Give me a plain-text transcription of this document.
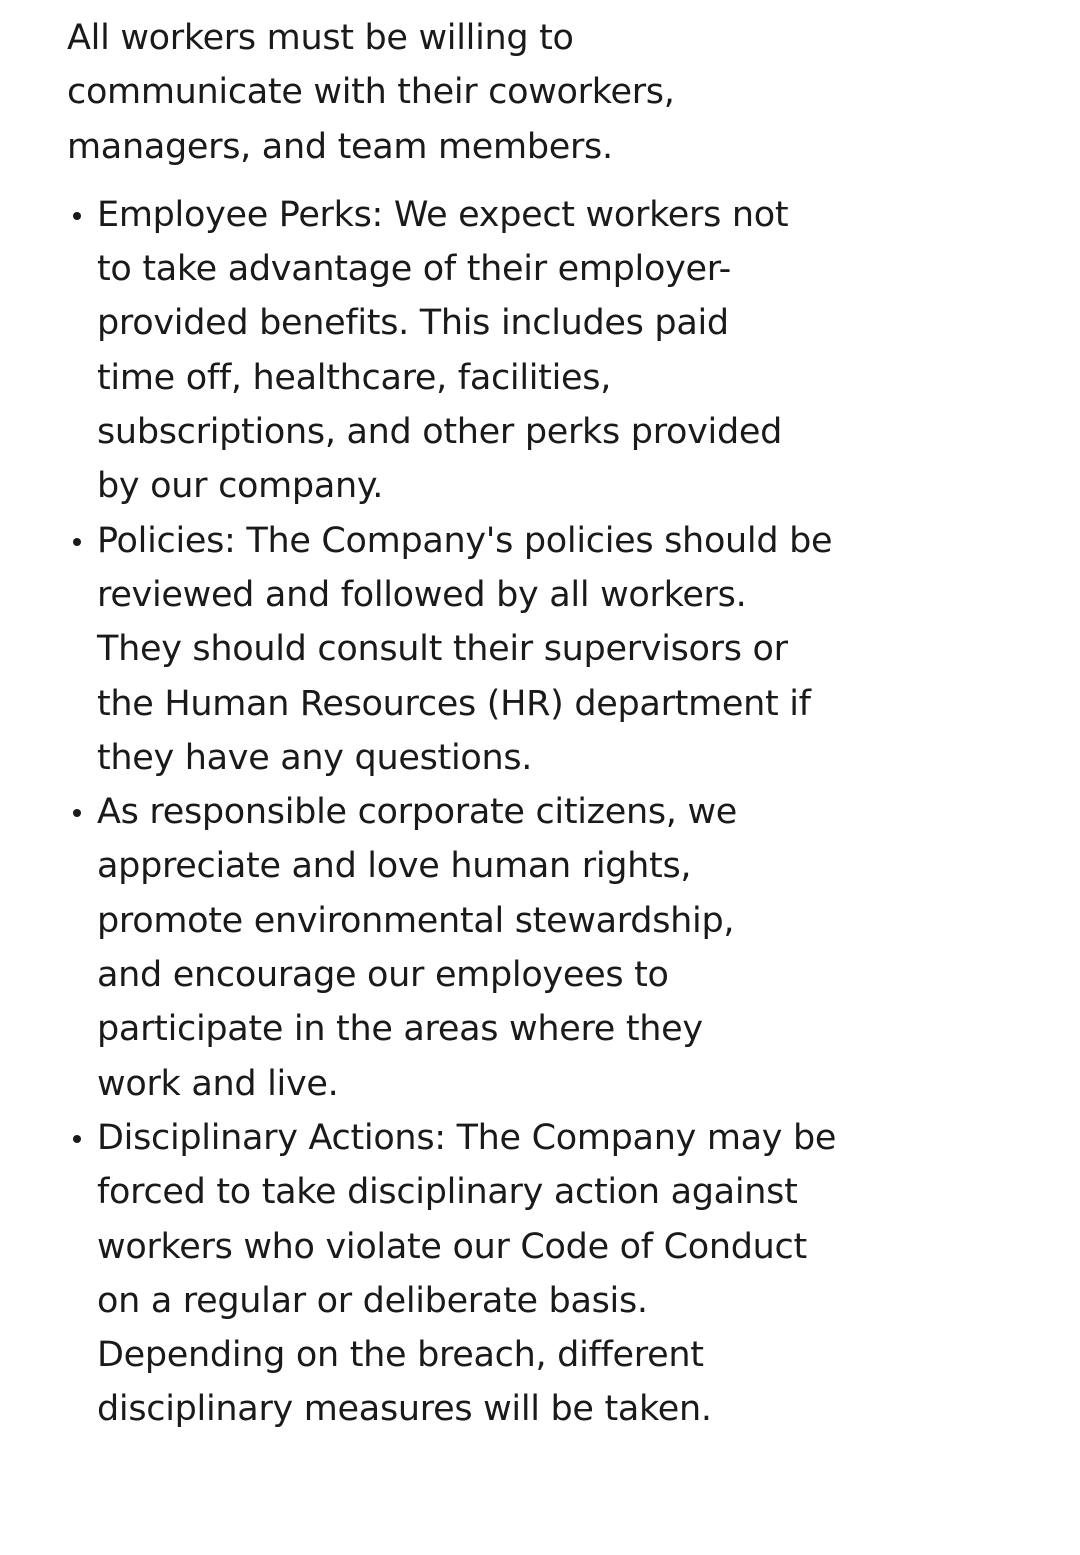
All workers must be willing to communicate with their coworkers, managers, and team members.

Employee Perks: We expect workers not to take advantage of their employer-provided benefits. This includes paid time off, healthcare, facilities, subscriptions, and other perks provided by our company.

Policies: The Company's policies should be reviewed and followed by all workers. They should consult their supervisors or the Human Resources (HR) department if they have any questions.

As responsible corporate citizens, we appreciate and love human rights, promote environmental stewardship, and encourage our employees to participate in the areas where they work and live.

Disciplinary Actions: The Company may be forced to take disciplinary action against workers who violate our Code of Conduct on a regular or deliberate basis. Depending on the breach, different disciplinary measures will be taken.
